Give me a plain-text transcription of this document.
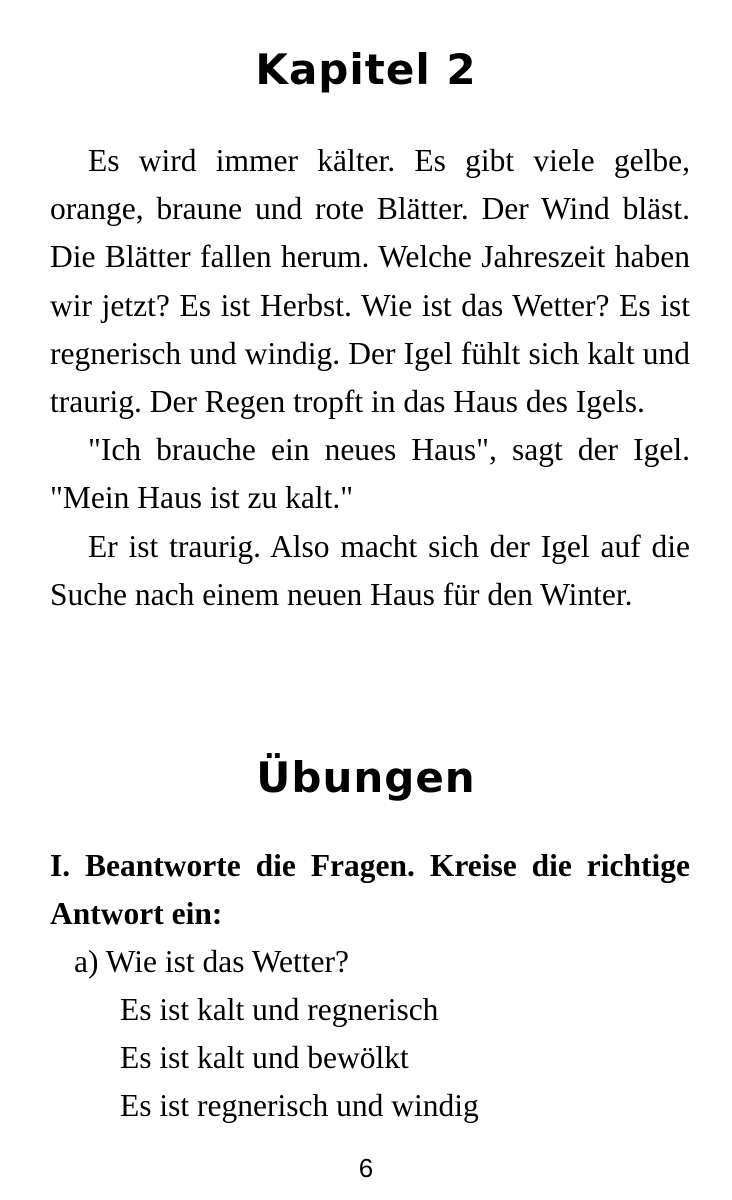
Kapitel 2

Es wird immer kälter. Es gibt viele gelbe, orange, braune und rote Blätter. Der Wind bläst. Die Blätter fallen herum. Welche Jahreszeit haben wir jetzt? Es ist Herbst. Wie ist das Wetter? Es ist regnerisch und windig. Der Igel fühlt sich kalt und traurig. Der Regen tropft in das Haus des Igels.

"Ich brauche ein neues Haus", sagt der Igel. "Mein Haus ist zu kalt."

Er ist traurig. Also macht sich der Igel auf die Suche nach einem neuen Haus für den Winter.

Übungen

I. Beantworte die Fragen. Kreise die richtige Antwort ein:

a) Wie ist das Wetter?

Es ist kalt und regnerisch
Es ist kalt und bewölkt
Es ist regnerisch und windig
6
